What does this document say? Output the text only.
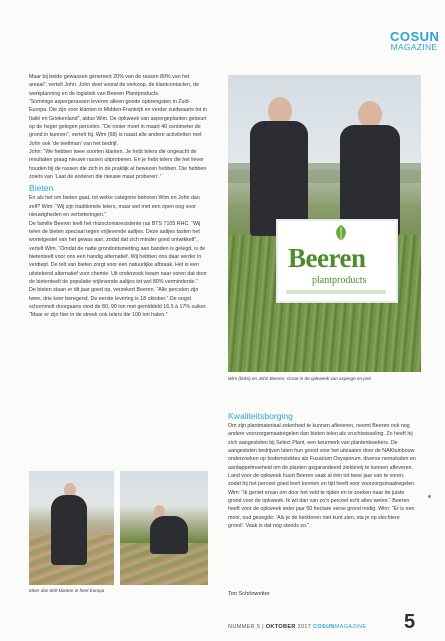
COSUN
MAGAZINE

Maar bij beide gewassen genereert 20% van de rassen 80% van het areaal”, vertelt John. John doet vooral de verkoop, de klantcontacten, de werkplanning en de logistiek van Beeren Plantproducts.

“Sommige aspergerassen leveren alleen goede opbrengsten in Zuid-Europa. Die zijn voor klanten in Midden-Frankrijk en verder zuidwaarts tot in Italië en Griekenland”, aldus Wim. De opkweek van aspergeplanten gebeurt op de hoger gelegen percelen. “De rooier moet in maart 40 centimeter de grond in kunnen”, vertelt hij. Wim (68) is naast alle andere activiteiten met John ook ‘de teeltman’ van het bedrijf.

John: “We hebben twee soorten klanten. Je hebt telers die ongeacht de resultaten graag nieuwe rassen uitproberen. En je hebt telers die het liever houden bij de rassen die zich in de praktijk al bewezen hebben. Die hebben zoiets van ‘Laat de anderen die nieuwe maar proberen’.”

Bieten

En als het om bieten gaat, tot welke categorie behoren Wim en John dan zelf? Wim: “Wij zijn traditionele telers, maar wel met een open oog voor nieuwigheden en verbeteringen.”

De familie Beeren teelt het rhizoctoniaresistente ras BTS 7105 RHC. “Wij telen de bieten speciaal tegen vrijlevende aaltjes. Deze aaltjes tasten het wortelgestel van het gewas aan, zodat dat zich minder goed ontwikkelt”, vertelt Wim. “Omdat de natte grondontsmetting aan banden is gelegd, is de bietenteelt voor ons een handig alternatief. Wij hebben ons daar verder in verdiept. De telt van bieten zorgt voor een natuurlijke afbraak. Het is een uitstekend alternatief voor chemie. Uit onderzoek kwam naar voren dat door de bietenteelt de populatie vrijlevende aaltjes tot wel 80% verminderde.”

De bieten staan er dit jaar goed op, verzekert Beeren. “Alle percelen zijn twee, drie keer beregend. De eerste levering is 18 oktober.” De oogst schommelt doorgaans rond de 80, 90 ton met gemiddeld 16,5 à 17% suiker. “Maar er zijn hier in de streek ook telers die 100 ton halen.”

Beeren
plantproducts
Wim (links) en John Beeren: Groot in de opkweek van asperge en prei
Kwaliteitsborging

Om zijn plantmateriaal zekerheid te kunnen afleveren, neemt Beeren ook nog andere voorzorgsmaatregelen dan bieten telen als vruchtwisseling. Zo heeft hij zich aangesloten bij Select Plant, een keurmerk van plantenkwekers. De aangesloten bedrijven laten hun grond voor het uitzaaien door de NAKtuinbouw onderzoeken op bodemziektes als Fusarium Oxysporum, diverse nematoden en aardappelmoeheid om de planten gegarandeerd ziektevrij te kunnen afleveren.

Land voor de opkweek huurt Beeren vaak al één tot twee jaar van te voren, zodat hij het perceel goed leert kennen en tijd heeft voor voorzorgsmaatregelen. Wim: “Ik geniet ervan om door het veld te rijden en te zoeken naar de juiste grond voor de opkweek. Ik wil dan van zo’n perceel echt alles weten.” Beeren heeft voor de opkweek ieder jaar 50 hectare verse grond nodig. Wim: “Er is een mooi, oud gezegde: ‘Als je de kerktoren niet kunt zien, sta je op slechtere grond’. Vaak is dat nog steeds zo.”

Ton Schönwetter
Meer dan 800 klanten in heel Europa
NUMMER 5 | OKTOBER 2017 COSUNMAGAZINE 5
